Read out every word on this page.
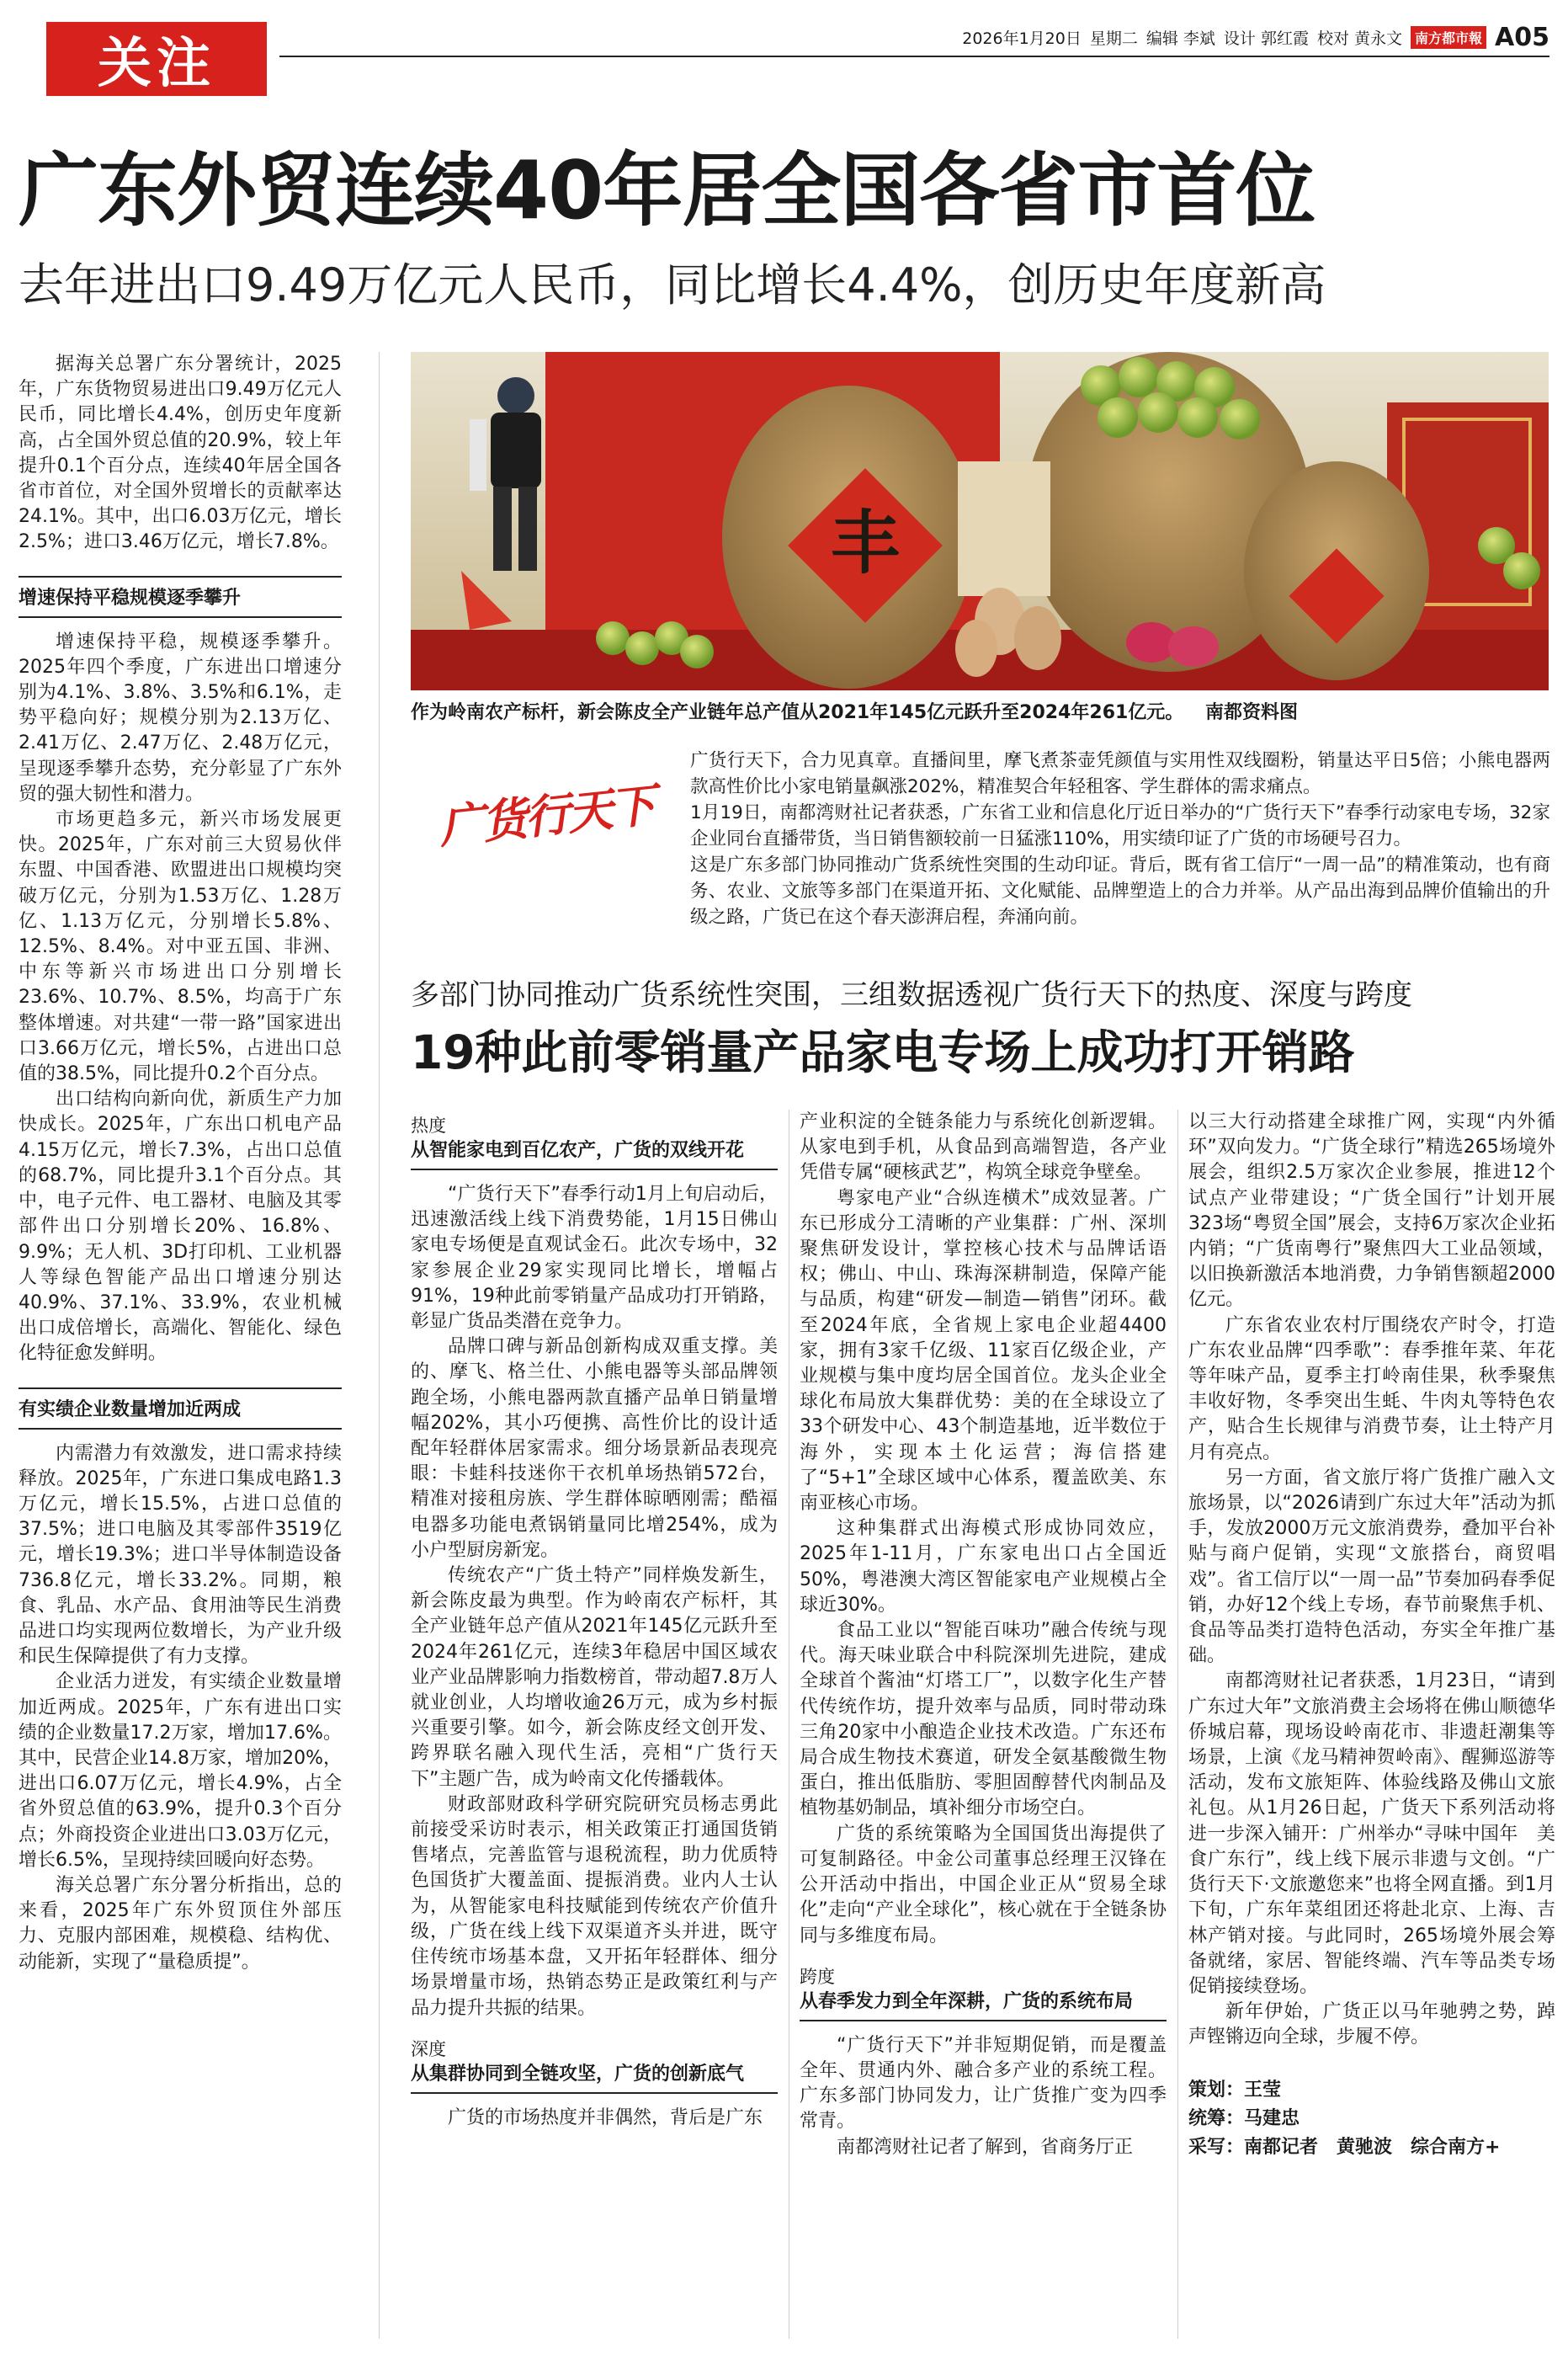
关注	2026年1月20日 星期二 编辑 李斌 设计 郭红霞 校对 黄永文 南方都市報 A05
广东外贸连续40年居全国各省市首位
去年进出口9.49万亿元人民币，同比增长4.4%，创历史年度新高

据海关总署广东分署统计，2025年，广东货物贸易进出口9.49万亿元人民币，同比增长4.4%，创历史年度新高，占全国外贸总值的20.9%，较上年提升0.1个百分点，连续40年居全国各省市首位，对全国外贸增长的贡献率达24.1%。其中，出口6.03万亿元，增长2.5%；进口3.46万亿元，增长7.8%。

增速保持平稳规模逐季攀升

增速保持平稳，规模逐季攀升。2025年四个季度，广东进出口增速分别为4.1%、3.8%、3.5%和6.1%，走势平稳向好；规模分别为2.13万亿、2.41万亿、2.47万亿、2.48万亿元，呈现逐季攀升态势，充分彰显了广东外贸的强大韧性和潜力。

市场更趋多元，新兴市场发展更快。2025年，广东对前三大贸易伙伴东盟、中国香港、欧盟进出口规模均突破万亿元，分别为1.53万亿、1.28万亿、1.13万亿元，分别增长5.8%、12.5%、8.4%。对中亚五国、非洲、中东等新兴市场进出口分别增长23.6%、10.7%、8.5%，均高于广东整体增速。对共建“一带一路”国家进出口3.66万亿元，增长5%，占进出口总值的38.5%，同比提升0.2个百分点。

出口结构向新向优，新质生产力加快成长。2025年，广东出口机电产品4.15万亿元，增长7.3%，占出口总值的68.7%，同比提升3.1个百分点。其中，电子元件、电工器材、电脑及其零部件出口分别增长20%、16.8%、9.9%；无人机、3D打印机、工业机器人等绿色智能产品出口增速分别达40.9%、37.1%、33.9%，农业机械出口成倍增长，高端化、智能化、绿色化特征愈发鲜明。

有实绩企业数量增加近两成

内需潜力有效激发，进口需求持续释放。2025年，广东进口集成电路1.3万亿元，增长15.5%，占进口总值的37.5%；进口电脑及其零部件3519亿元，增长19.3%；进口半导体制造设备736.8亿元，增长33.2%。同期，粮食、乳品、水产品、食用油等民生消费品进口均实现两位数增长，为产业升级和民生保障提供了有力支撑。

企业活力迸发，有实绩企业数量增加近两成。2025年，广东有进出口实绩的企业数量17.2万家，增加17.6%。其中，民营企业14.8万家，增加20%，进出口6.07万亿元，增长4.9%，占全省外贸总值的63.9%，提升0.3个百分点；外商投资企业进出口3.03万亿元，增长6.5%，呈现持续回暖向好态势。

海关总署广东分署分析指出，总的来看，2025年广东外贸顶住外部压力、克服内部困难，规模稳、结构优、动能新，实现了“量稳质提”。

丰
作为岭南农产标杆，新会陈皮全产业链年总产值从2021年145亿元跃升至2024年261亿元。 南都资料图
广货行天下

广货行天下，合力见真章。直播间里，摩飞煮茶壶凭颜值与实用性双线圈粉，销量达平日5倍；小熊电器两款高性价比小家电销量飙涨202%，精准契合年轻租客、学生群体的需求痛点。

1月19日，南都湾财社记者获悉，广东省工业和信息化厅近日举办的“广货行天下”春季行动家电专场，32家企业同台直播带货，当日销售额较前一日猛涨110%，用实绩印证了广货的市场硬号召力。

这是广东多部门协同推动广货系统性突围的生动印证。背后，既有省工信厅“一周一品”的精准策动，也有商务、农业、文旅等多部门在渠道开拓、文化赋能、品牌塑造上的合力并举。从产品出海到品牌价值输出的升级之路，广货已在这个春天澎湃启程，奔涌向前。

多部门协同推动广货系统性突围，三组数据透视广货行天下的热度、深度与跨度
19种此前零销量产品家电专场上成功打开销路
热度
从智能家电到百亿农产，广货的双线开花

“广货行天下”春季行动1月上旬启动后，迅速激活线上线下消费势能，1月15日佛山家电专场便是直观试金石。此次专场中，32家参展企业29家实现同比增长，增幅占91%，19种此前零销量产品成功打开销路，彰显广货品类潜在竞争力。

品牌口碑与新品创新构成双重支撑。美的、摩飞、格兰仕、小熊电器等头部品牌领跑全场，小熊电器两款直播产品单日销量增幅202%，其小巧便携、高性价比的设计适配年轻群体居家需求。细分场景新品表现亮眼：卡蛙科技迷你干衣机单场热销572台，精准对接租房族、学生群体晾晒刚需；酷福电器多功能电煮锅销量同比增254%，成为小户型厨房新宠。

传统农产“广货土特产”同样焕发新生，新会陈皮最为典型。作为岭南农产标杆，其全产业链年总产值从2021年145亿元跃升至2024年261亿元，连续3年稳居中国区域农业产业品牌影响力指数榜首，带动超7.8万人就业创业，人均增收逾26万元，成为乡村振兴重要引擎。如今，新会陈皮经文创开发、跨界联名融入现代生活，亮相“广货行天下”主题广告，成为岭南文化传播载体。

财政部财政科学研究院研究员杨志勇此前接受采访时表示，相关政策正打通国货销售堵点，完善监管与退税流程，助力优质特色国货扩大覆盖面、提振消费。业内人士认为，从智能家电科技赋能到传统农产价值升级，广货在线上线下双渠道齐头并进，既守住传统市场基本盘，又开拓年轻群体、细分场景增量市场，热销态势正是政策红利与产品力提升共振的结果。

深度
从集群协同到全链攻坚，广货的创新底气

广货的市场热度并非偶然，背后是广东

产业积淀的全链条能力与系统化创新逻辑。从家电到手机，从食品到高端智造，各产业凭借专属“硬核武艺”，构筑全球竞争壁垒。

粤家电产业“合纵连横术”成效显著。广东已形成分工清晰的产业集群：广州、深圳聚焦研发设计，掌控核心技术与品牌话语权；佛山、中山、珠海深耕制造，保障产能与品质，构建“研发—制造—销售”闭环。截至2024年底，全省规上家电企业超4400家，拥有3家千亿级、11家百亿级企业，产业规模与集中度均居全国首位。龙头企业全球化布局放大集群优势：美的在全球设立了33个研发中心、43个制造基地，近半数位于海外，实现本土化运营；海信搭建了“5+1”全球区域中心体系，覆盖欧美、东南亚核心市场。

这种集群式出海模式形成协同效应，2025年1-11月，广东家电出口占全国近50%，粤港澳大湾区智能家电产业规模占全球近30%。

食品工业以“智能百味功”融合传统与现代。海天味业联合中科院深圳先进院，建成全球首个酱油“灯塔工厂”，以数字化生产替代传统作坊，提升效率与品质，同时带动珠三角20家中小酿造企业技术改造。广东还布局合成生物技术赛道，研发全氨基酸微生物蛋白，推出低脂肪、零胆固醇替代肉制品及植物基奶制品，填补细分市场空白。

广货的系统策略为全国国货出海提供了可复制路径。中金公司董事总经理王汉锋在公开活动中指出，中国企业正从“贸易全球化”走向“产业全球化”，核心就在于全链条协同与多维度布局。

跨度
从春季发力到全年深耕，广货的系统布局

“广货行天下”并非短期促销，而是覆盖全年、贯通内外、融合多产业的系统工程。广东多部门协同发力，让广货推广变为四季常青。

南都湾财社记者了解到，省商务厅正

以三大行动搭建全球推广网，实现“内外循环”双向发力。“广货全球行”精选265场境外展会，组织2.5万家次企业参展，推进12个试点产业带建设；“广货全国行”计划开展323场“粤贸全国”展会，支持6万家次企业拓内销；“广货南粤行”聚焦四大工业品领域，以旧换新激活本地消费，力争销售额超2000亿元。

广东省农业农村厅围绕农产时令，打造广东农业品牌“四季歌”：春季推年菜、年花等年味产品，夏季主打岭南佳果，秋季聚焦丰收好物，冬季突出生蚝、牛肉丸等特色农产，贴合生长规律与消费节奏，让土特产月月有亮点。

另一方面，省文旅厅将广货推广融入文旅场景，以“2026请到广东过大年”活动为抓手，发放2000万元文旅消费券，叠加平台补贴与商户促销，实现“文旅搭台，商贸唱戏”。省工信厅以“一周一品”节奏加码春季促销，办好12个线上专场，春节前聚焦手机、食品等品类打造特色活动，夯实全年推广基础。

南都湾财社记者获悉，1月23日，“请到广东过大年”文旅消费主会场将在佛山顺德华侨城启幕，现场设岭南花市、非遗赶潮集等场景，上演《龙马精神贺岭南》、醒狮巡游等活动，发布文旅矩阵、体验线路及佛山文旅礼包。从1月26日起，广货天下系列活动将进一步深入铺开：广州举办“寻味中国年　美食广东行”，线上线下展示非遗与文创。“广货行天下·文旅邀您来”也将全网直播。到1月下旬，广东年菜组团还将赴北京、上海、吉林产销对接。与此同时，265场境外展会筹备就绪，家居、智能终端、汽车等品类专场促销接续登场。

新年伊始，广货正以马年驰骋之势，踔声铿锵迈向全球，步履不停。

策划：王莹
统筹：马建忠
采写：南都记者　黄驰波　综合南方+
